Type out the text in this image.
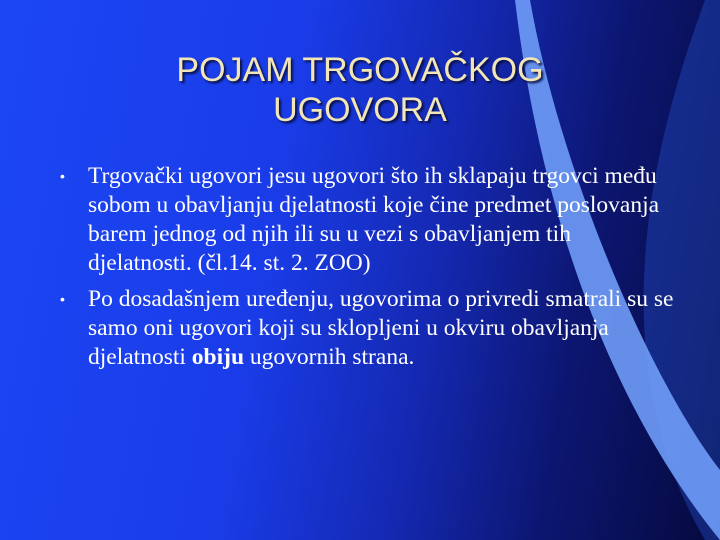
POJAM TRGOVAČKOG
UGOVORA
• Trgovački ugovori jesu ugovori što ih sklapaju trgovci među sobom u obavljanju djelatnosti koje čine predmet poslovanja barem jednog od njih ili su u vezi s obavljanjem tih djelatnosti. (čl.14. st. 2. ZOO)
• Po dosadašnjem uređenju, ugovorima o privredi smatrali su se samo oni ugovori koji su sklopljeni u okviru obavljanja djelatnosti obiju ugovornih strana.
